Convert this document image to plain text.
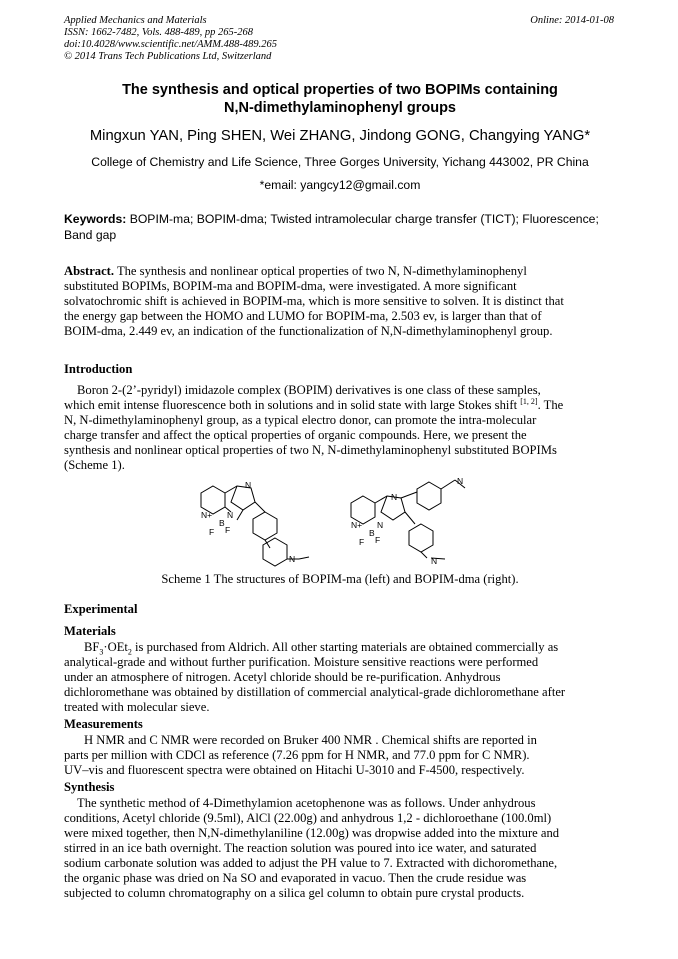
Applied Mechanics and Materials	Online: 2014-01-08
ISSN: 1662-7482, Vols. 488-489, pp 265-268
doi:10.4028/www.scientific.net/AMM.488-489.265
© 2014 Trans Tech Publications Ltd, Switzerland
The synthesis and optical properties of two BOPIMs containing
N,N-dimethylaminophenyl groups
Mingxun YAN, Ping SHEN, Wei ZHANG, Jindong GONG, Changying YANG*
College of Chemistry and Life Science, Three Gorges University, Yichang 443002, PR China
*email: yangcy12@gmail.com
Keywords: BOPIM-ma; BOPIM-dma; Twisted intramolecular charge transfer (TICT); Fluorescence;
Band gap
Abstract. The synthesis and nonlinear optical properties of two N, N-dimethylaminophenyl
substituted BOPIMs, BOPIM-ma and BOPIM-dma, were investigated. A more significant
solvatochromic shift is achieved in BOPIM-ma, which is more sensitive to solven. It is distinct that
the energy gap between the HOMO and LUMO for BOPIM-ma, 2.503 ev, is larger than that of
BOIM-dma, 2.449 ev, an indication of the functionalization of N,N-dimethylaminophenyl group.
Introduction
Boron 2-(2’-pyridyl) imidazole complex (BOPIM) derivatives is one class of these samples,
which emit intense fluorescence both in solutions and in solid state with large Stokes shift [1, 2]. The
N, N-dimethylaminophenyl group, as a typical electro donor, can promote the intra-molecular
charge transfer and affect the optical properties of organic compounds. Here, we present the
synthesis and nonlinear optical properties of two N, N-dimethylaminophenyl substituted BOPIMs
(Scheme 1).
N+ N
N
B
F F
N
N+ N
N
B
F F
N
N
Scheme 1 The structures of BOPIM-ma (left) and BOPIM-dma (right).
Experimental
Materials
$BF_3\cdot OEt_2$ is purchased from Aldrich. All other starting materials are obtained commercially as
analytical-grade and without further purification. Moisture sensitive reactions were performed
under an atmosphere of nitrogen. Acetyl chloride should be re-purification. Anhydrous
dichloromethane was obtained by distillation of commercial analytical-grade dichloromethane after
treated with molecular sieve.
Measurements
H NMR and C NMR were recorded on Bruker 400 NMR . Chemical shifts are reported in
parts per million with CDCl as reference (7.26 ppm for H NMR, and 77.0 ppm for C NMR).
UV–vis and fluorescent spectra were obtained on Hitachi U-3010 and F-4500, respectively.
Synthesis
The synthetic method of 4-Dimethylamion acetophenone was as follows. Under anhydrous
conditions, Acetyl chloride (9.5ml), AlCl (22.00g) and anhydrous 1,2 - dichloroethane (100.0ml)
were mixed together, then N,N-dimethylaniline (12.00g) was dropwise added into the mixture and
stirred in an ice bath overnight. The reaction solution was poured into ice water, and saturated
sodium carbonate solution was added to adjust the PH value to 7. Extracted with dichoromethane,
the organic phase was dried on Na SO and evaporated in vacuo. Then the crude residue was
subjected to column chromatography on a silica gel column to obtain pure crystal products.
